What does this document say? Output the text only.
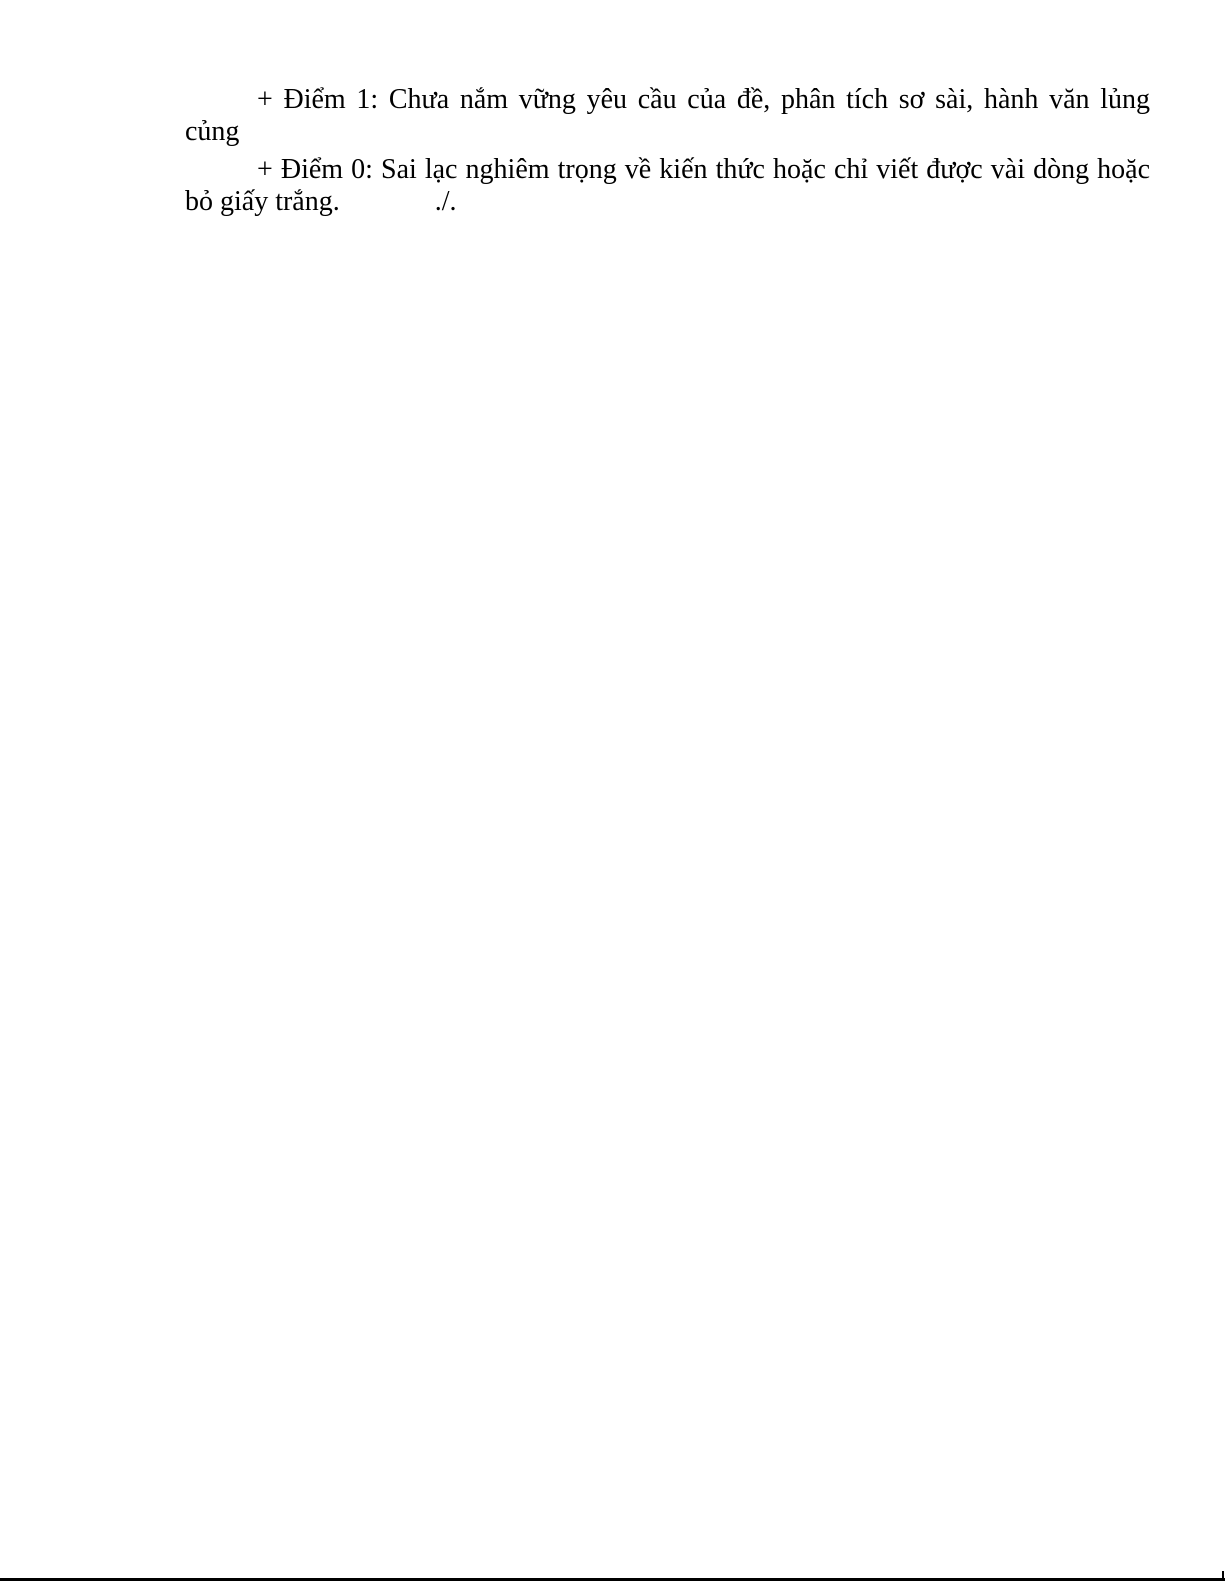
+ Điểm 1: Chưa nắm vững yêu cầu của đề, phân tích sơ sài, hành văn lủng
củng
+ Điểm 0: Sai lạc nghiêm trọng về kiến thức hoặc chỉ viết được vài dòng hoặc
bỏ giấy trắng.	./.
